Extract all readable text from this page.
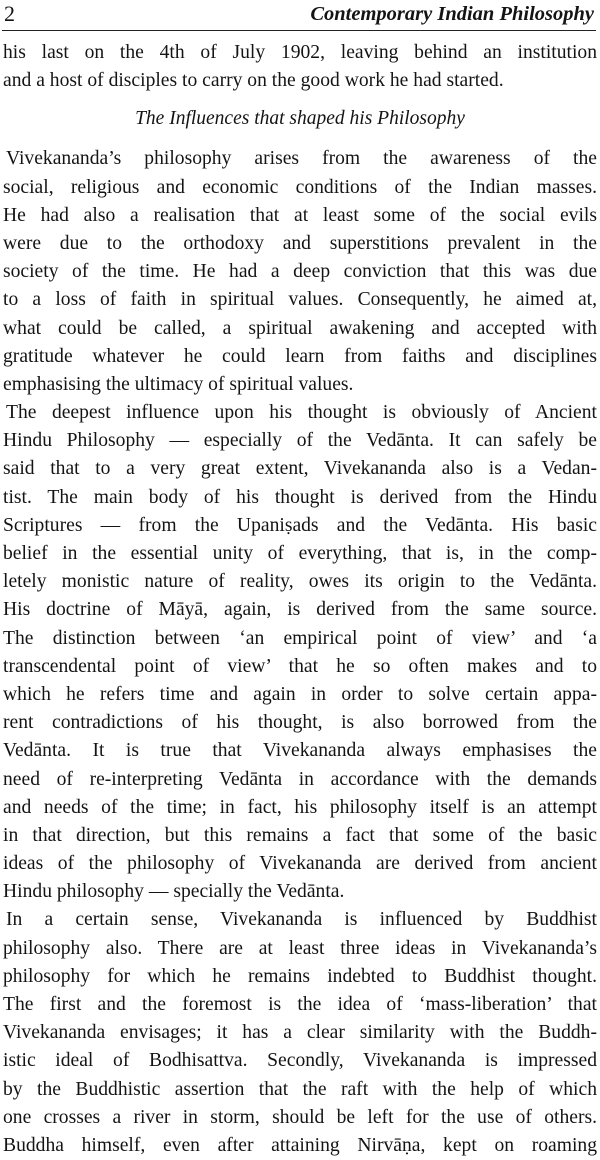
2	Contemporary Indian Philosophy
his last on the 4th of July 1902, leaving behind an institution
and a host of disciples to carry on the good work he had started.
The Influences that shaped his Philosophy
Vivekananda’s philosophy arises from the awareness of the
social, religious and economic conditions of the Indian masses.
He had also a realisation that at least some of the social evils
were due to the orthodoxy and superstitions prevalent in the
society of the time. He had a deep conviction that this was due
to a loss of faith in spiritual values. Consequently, he aimed at,
what could be called, a spiritual awakening and accepted with
gratitude whatever he could learn from faiths and disciplines
emphasising the ultimacy of spiritual values.
The deepest influence upon his thought is obviously of Ancient
Hindu Philosophy — especially of the Vedānta. It can safely be
said that to a very great extent, Vivekananda also is a Vedan-
tist. The main body of his thought is derived from the Hindu
Scriptures — from the Upaniṣads and the Vedānta. His basic
belief in the essential unity of everything, that is, in the comp-
letely monistic nature of reality, owes its origin to the Vedānta.
His doctrine of Māyā, again, is derived from the same source.
The distinction between ‘an empirical point of view’ and ‘a
transcendental point of view’ that he so often makes and to
which he refers time and again in order to solve certain appa-
rent contradictions of his thought, is also borrowed from the
Vedānta. It is true that Vivekananda always emphasises the
need of re-interpreting Vedānta in accordance with the demands
and needs of the time; in fact, his philosophy itself is an attempt
in that direction, but this remains a fact that some of the basic
ideas of the philosophy of Vivekananda are derived from ancient
Hindu philosophy — specially the Vedānta.
In a certain sense, Vivekananda is influenced by Buddhist
philosophy also. There are at least three ideas in Vivekananda’s
philosophy for which he remains indebted to Buddhist thought.
The first and the foremost is the idea of ‘mass-liberation’ that
Vivekananda envisages; it has a clear similarity with the Buddh-
istic ideal of Bodhisattva. Secondly, Vivekananda is impressed
by the Buddhistic assertion that the raft with the help of which
one crosses a river in storm, should be left for the use of others.
Buddha himself, even after attaining Nirvāṇa, kept on roaming
